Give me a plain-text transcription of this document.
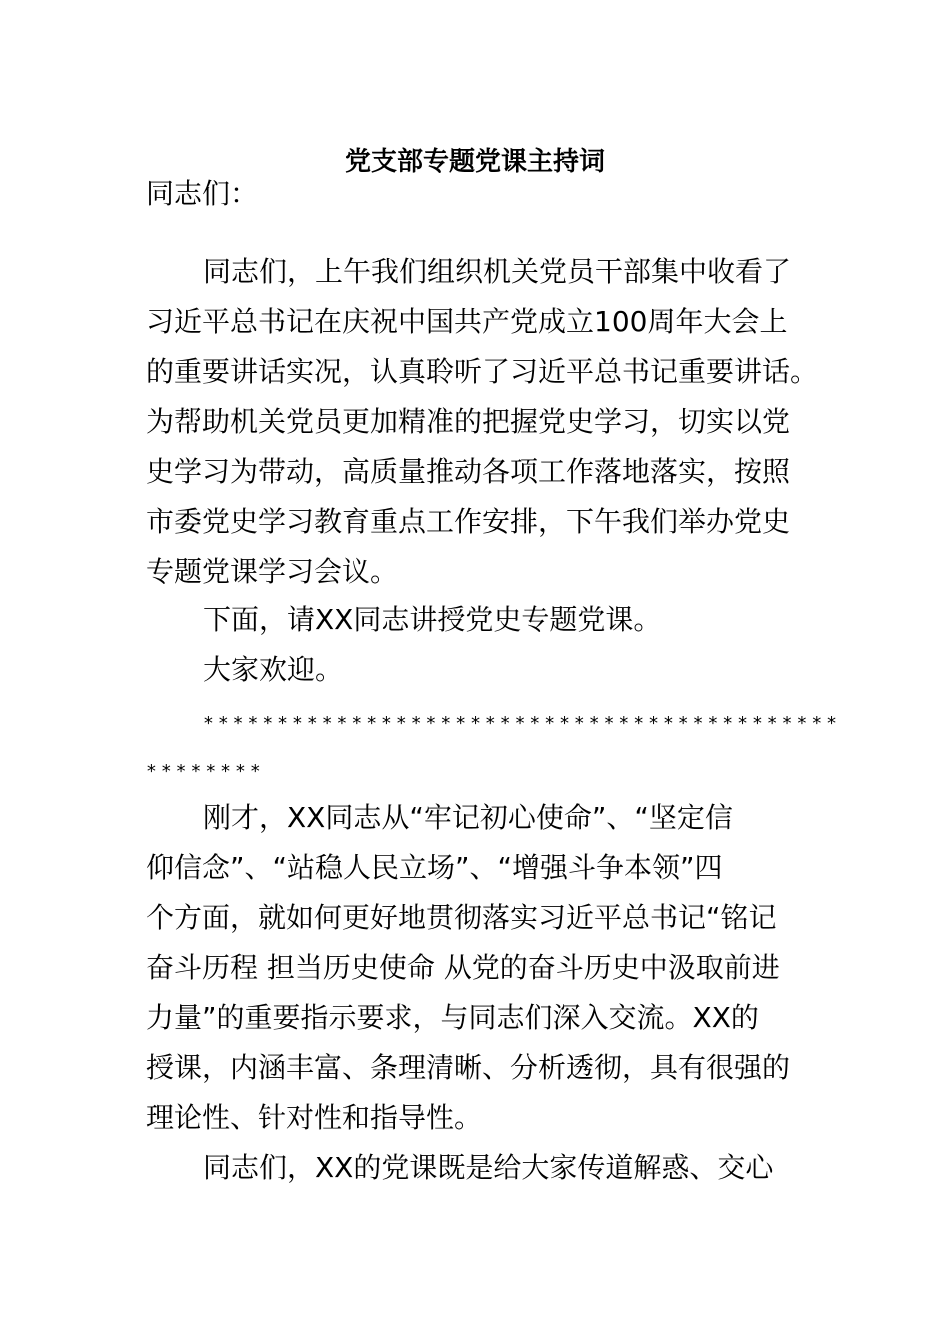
党支部专题党课主持词
同志们：
同志们，上午我们组织机关党员干部集中收看了
习近平总书记在庆祝中国共产党成立100周年大会上
的重要讲话实况，认真聆听了习近平总书记重要讲话。
为帮助机关党员更加精准的把握党史学习，切实以党
史学习为带动，高质量推动各项工作落地落实，按照
市委党史学习教育重点工作安排，下午我们举办党史
专题党课学习会议。
下面，请XX同志讲授党史专题党课。
大家欢迎。
*******************************************
********
刚才，XX同志从“牢记初心使命”、“坚定信
仰信念”、“站稳人民立场”、“增强斗争本领”四
个方面，就如何更好地贯彻落实习近平总书记“铭记
奋斗历程 担当历史使命 从党的奋斗历史中汲取前进
力量”的重要指示要求，与同志们深入交流。XX的
授课，内涵丰富、条理清晰、分析透彻，具有很强的
理论性、针对性和指导性。
同志们，XX的党课既是给大家传道解惑、交心
